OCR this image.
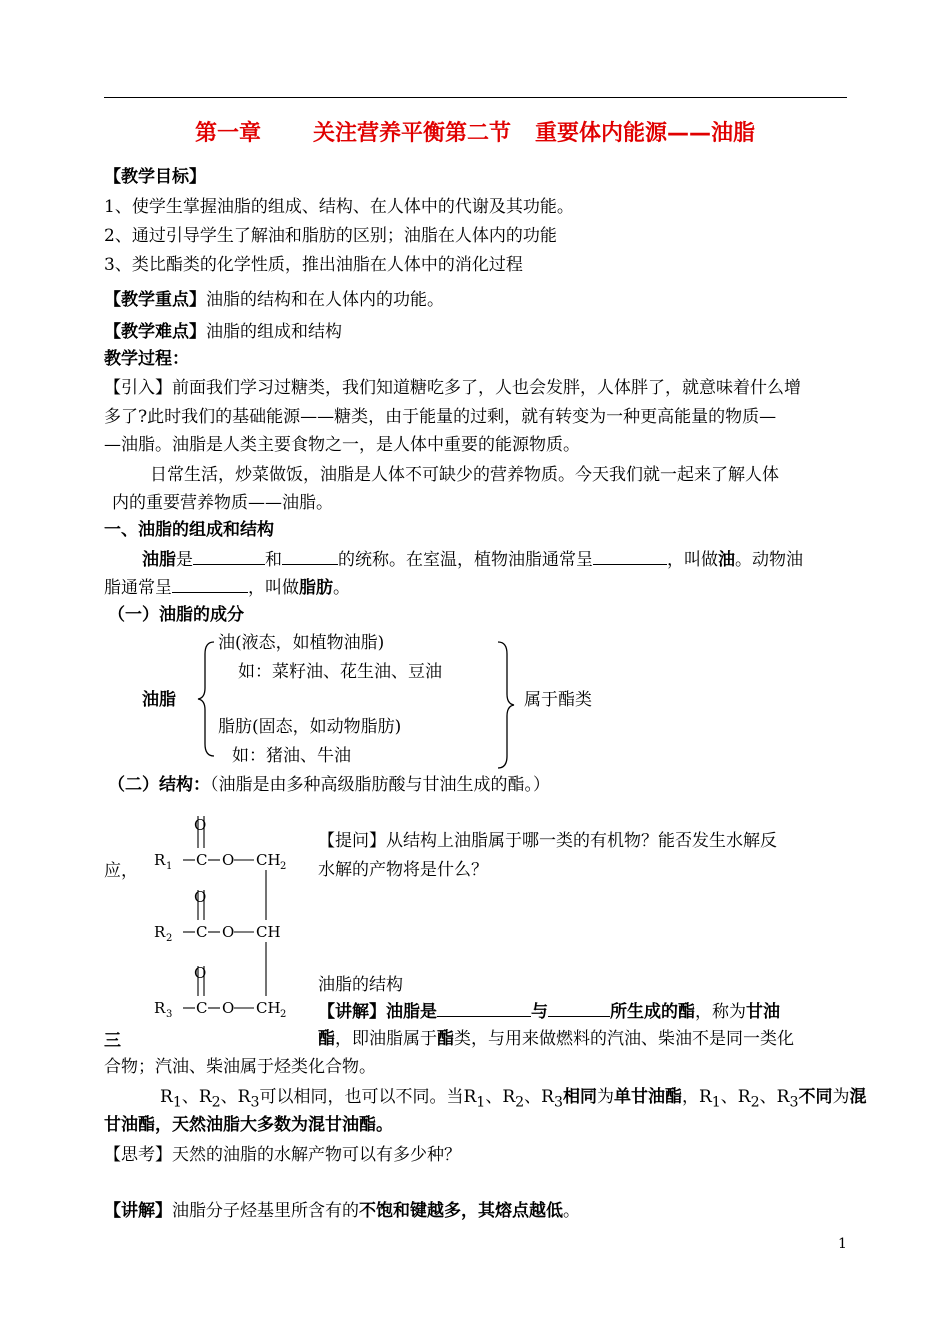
第一章 关注营养平衡第二节 重要体内能源——油脂
【教学目标】
1、使学生掌握油脂的组成、结构、在人体中的代谢及其功能。
2、通过引导学生了解油和脂肪的区别；油脂在人体内的功能
3、类比酯类的化学性质，推出油脂在人体中的消化过程
【教学重点】油脂的结构和在人体内的功能。
【教学难点】油脂的组成和结构
教学过程：
【引入】前面我们学习过糖类，我们知道糖吃多了，人也会发胖，人体胖了，就意味着什么增
多了?此时我们的基础能源——糖类，由于能量的过剩，就有转变为一种更高能量的物质—
—油脂。油脂是人类主要食物之一，是人体中重要的能源物质。
日常生活，炒菜做饭，油脂是人体不可缺少的营养物质。今天我们就一起来了解人体
内的重要营养物质——油脂。
一、油脂的组成和结构
油脂是	和	的统称。在室温，植物油脂通常呈	，叫做油。动物油
脂通常呈	，叫做脂肪。
（一）油脂的成分
油脂
油(液态，如植物油脂)
如：菜籽油、花生油、豆油
脂肪(固态，如动物脂肪)
如：猪油、牛油
属于酯类
（二）结构：（油脂是由多种高级脂肪酸与甘油生成的酯。）
O
R 1 C O CH 2
O
R 2 C O CH
O
R 3 C O CH 2
【提问】从结构上油脂属于哪一类的有机物？能否发生水解反
应，	水解的产物将是什么？
油脂的结构
【讲解】油脂是	与	所生成的酯，称为甘油
三	酯，即油脂属于酯类，与用来做燃料的汽油、柴油不是同一类化
合物；汽油、柴油属于烃类化合物。
$R_1$、$R_2$、$R_3$可以相同，也可以不同。当$R_1$、$R_2$、$R_3$相同为单甘油酯，$R_1$、$R_2$、$R_3$不同为混
甘油酯，天然油脂大多数为混甘油酯。
【思考】天然的油脂的水解产物可以有多少种？
【讲解】油脂分子烃基里所含有的不饱和键越多，其熔点越低。
1
